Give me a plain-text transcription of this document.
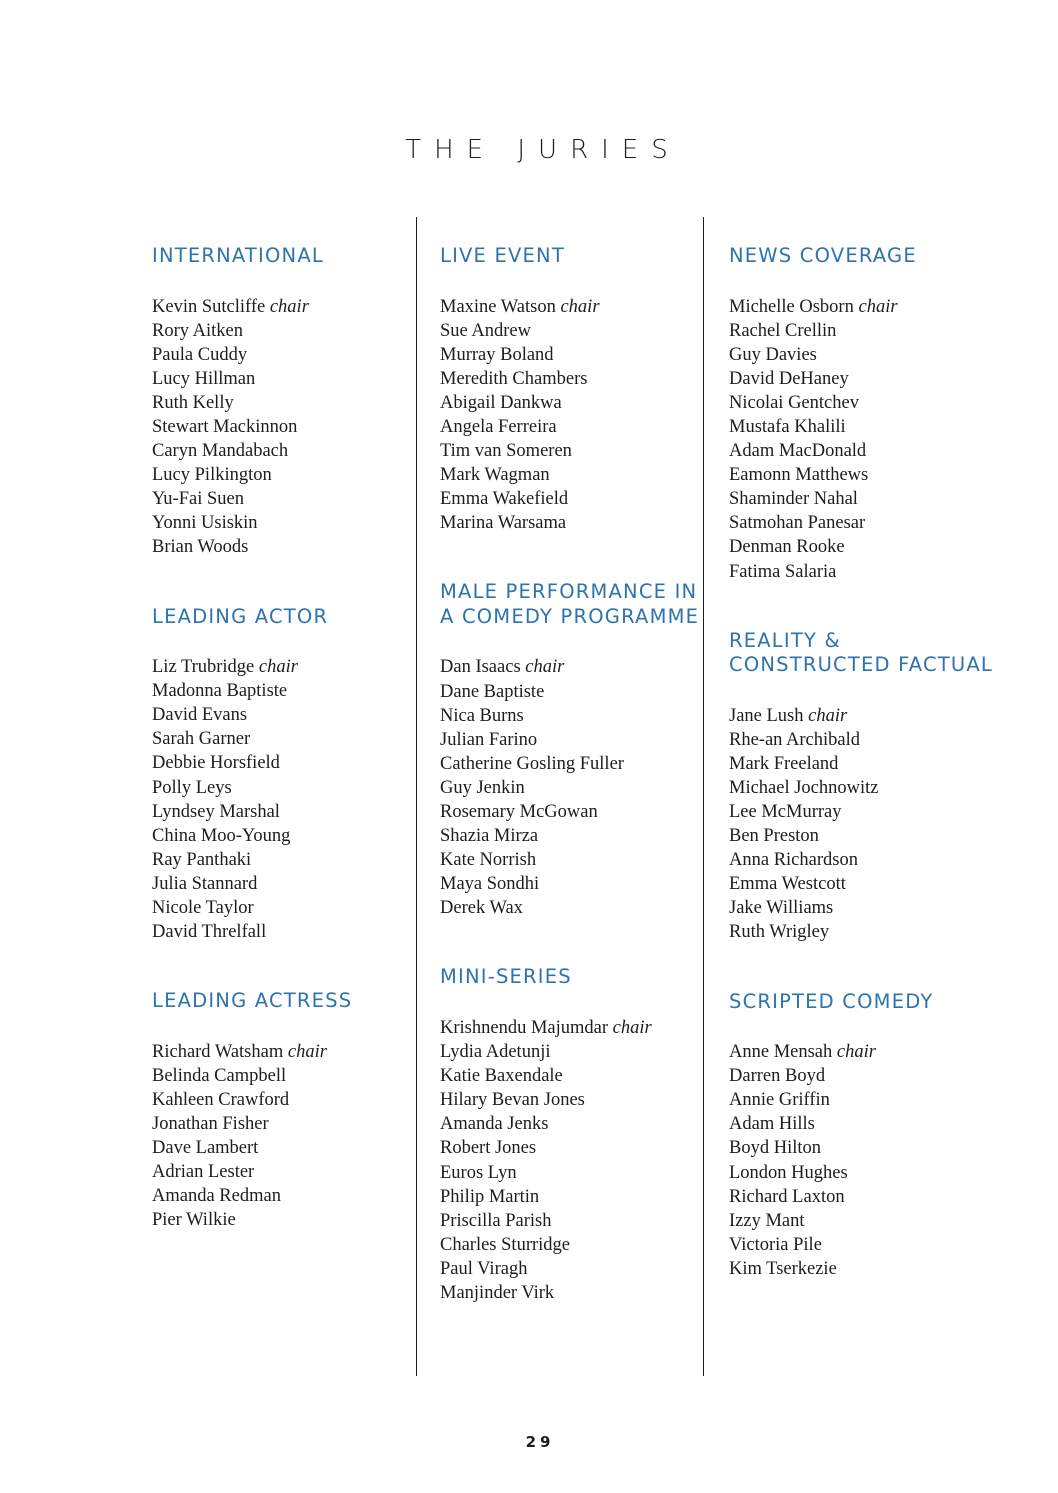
THE JURIES
INTERNATIONAL
Kevin Sutcliffe chair
Rory Aitken
Paula Cuddy
Lucy Hillman
Ruth Kelly
Stewart Mackinnon
Caryn Mandabach
Lucy Pilkington
Yu-Fai Suen
Yonni Usiskin
Brian Woods
LEADING ACTOR
Liz Trubridge chair
Madonna Baptiste
David Evans
Sarah Garner
Debbie Horsfield
Polly Leys
Lyndsey Marshal
China Moo-Young
Ray Panthaki
Julia Stannard
Nicole Taylor
David Threlfall
LEADING ACTRESS
Richard Watsham chair
Belinda Campbell
Kahleen Crawford
Jonathan Fisher
Dave Lambert
Adrian Lester
Amanda Redman
Pier Wilkie
LIVE EVENT
Maxine Watson chair
Sue Andrew
Murray Boland
Meredith Chambers
Abigail Dankwa
Angela Ferreira
Tim van Someren
Mark Wagman
Emma Wakefield
Marina Warsama
MALE PERFORMANCE IN A COMEDY PROGRAMME
Dan Isaacs chair
Dane Baptiste
Nica Burns
Julian Farino
Catherine Gosling Fuller
Guy Jenkin
Rosemary McGowan
Shazia Mirza
Kate Norrish
Maya Sondhi
Derek Wax
MINI-SERIES
Krishnendu Majumdar chair
Lydia Adetunji
Katie Baxendale
Hilary Bevan Jones
Amanda Jenks
Robert Jones
Euros Lyn
Philip Martin
Priscilla Parish
Charles Sturridge
Paul Viragh
Manjinder Virk
NEWS COVERAGE
Michelle Osborn chair
Rachel Crellin
Guy Davies
David DeHaney
Nicolai Gentchev
Mustafa Khalili
Adam MacDonald
Eamonn Matthews
Shaminder Nahal
Satmohan Panesar
Denman Rooke
Fatima Salaria
REALITY & CONSTRUCTED FACTUAL
Jane Lush chair
Rhe-an Archibald
Mark Freeland
Michael Jochnowitz
Lee McMurray
Ben Preston
Anna Richardson
Emma Westcott
Jake Williams
Ruth Wrigley
SCRIPTED COMEDY
Anne Mensah chair
Darren Boyd
Annie Griffin
Adam Hills
Boyd Hilton
London Hughes
Richard Laxton
Izzy Mant
Victoria Pile
Kim Tserkezie
29
